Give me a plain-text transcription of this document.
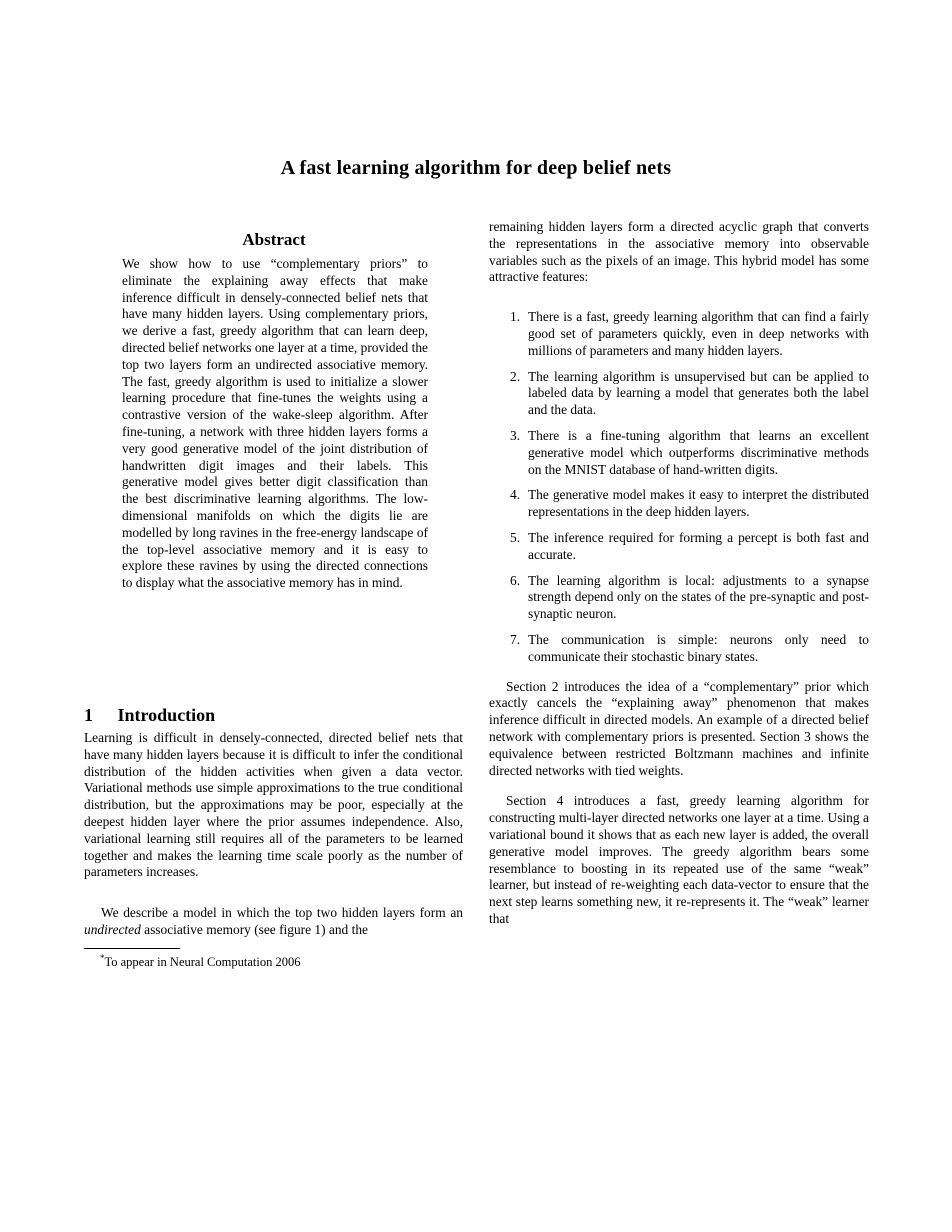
A fast learning algorithm for deep belief nets
Abstract
We show how to use “complementary priors” to eliminate the explaining away effects that make inference difficult in densely-connected belief nets that have many hidden layers. Using complementary priors, we derive a fast, greedy algorithm that can learn deep, directed belief networks one layer at a time, provided the top two layers form an undirected associative memory. The fast, greedy algorithm is used to initialize a slower learning procedure that fine-tunes the weights using a contrastive version of the wake-sleep algorithm. After fine-tuning, a network with three hidden layers forms a very good generative model of the joint distribution of handwritten digit images and their labels. This generative model gives better digit classification than the best discriminative learning algorithms. The low-dimensional manifolds on which the digits lie are modelled by long ravines in the free-energy landscape of the top-level associative memory and it is easy to explore these ravines by using the directed connections to display what the associative memory has in mind.
1 Introduction
Learning is difficult in densely-connected, directed belief nets that have many hidden layers because it is difficult to infer the conditional distribution of the hidden activities when given a data vector. Variational methods use simple approximations to the true conditional distribution, but the approximations may be poor, especially at the deepest hidden layer where the prior assumes independence. Also, variational learning still requires all of the parameters to be learned together and makes the learning time scale poorly as the number of parameters increases.
We describe a model in which the top two hidden layers form an undirected associative memory (see figure 1) and the
*To appear in Neural Computation 2006
remaining hidden layers form a directed acyclic graph that converts the representations in the associative memory into observable variables such as the pixels of an image. This hybrid model has some attractive features:
1. There is a fast, greedy learning algorithm that can find a fairly good set of parameters quickly, even in deep networks with millions of parameters and many hidden layers.
2. The learning algorithm is unsupervised but can be applied to labeled data by learning a model that generates both the label and the data.
3. There is a fine-tuning algorithm that learns an excellent generative model which outperforms discriminative methods on the MNIST database of hand-written digits.
4. The generative model makes it easy to interpret the distributed representations in the deep hidden layers.
5. The inference required for forming a percept is both fast and accurate.
6. The learning algorithm is local: adjustments to a synapse strength depend only on the states of the pre-synaptic and post-synaptic neuron.
7. The communication is simple: neurons only need to communicate their stochastic binary states.
Section 2 introduces the idea of a “complementary” prior which exactly cancels the “explaining away” phenomenon that makes inference difficult in directed models. An example of a directed belief network with complementary priors is presented. Section 3 shows the equivalence between restricted Boltzmann machines and infinite directed networks with tied weights.
Section 4 introduces a fast, greedy learning algorithm for constructing multi-layer directed networks one layer at a time. Using a variational bound it shows that as each new layer is added, the overall generative model improves. The greedy algorithm bears some resemblance to boosting in its repeated use of the same “weak” learner, but instead of re-weighting each data-vector to ensure that the next step learns something new, it re-represents it. The “weak” learner that
